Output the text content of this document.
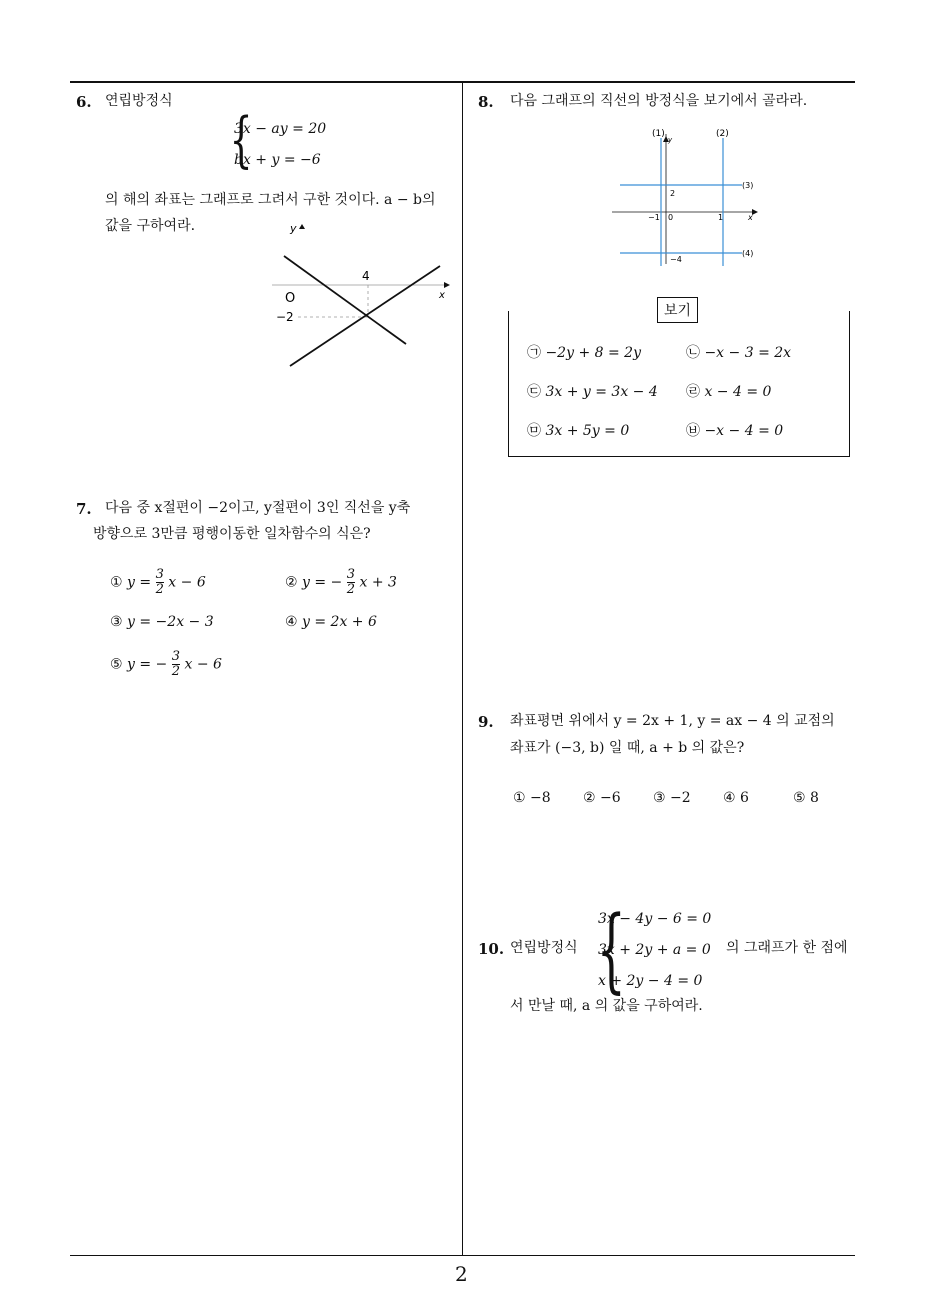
2
6. 연립방정식
{
3x − ay = 20
bx + y = −6
의 해의 좌표는 그래프로 그려서 구한 것이다. a − b의
값을 구하여라.	y
x
O
4
−2
7. 다음 중 x절편이 −2이고, y절편이 3인 직선을 y축
방향으로 3만큼 평행이동한 일차함수의 식은?
① $y = \frac{3}{2}$ x − 6	② y = − $\frac{3}{2}$ x + 3
③ y = −2x − 3	④ y = 2x + 6
⑤ y = − $\frac{3}{2}$ x − 6
8. 다음 그래프의 직선의 방정식을 보기에서 골라라.
(1)
y
(2)
(3)
(4)
2
−1 0	1	x
−4
보기
㉠ −2y + 8 = 2y	㉡ −x − 3 = 2x
㉢ 3x + y = 3x − 4 ㉣ x − 4 = 0
㉤ 3x + 5y = 0	㉥ −x − 4 = 0
9. 좌표평면 위에서 y = 2x + 1, y = ax − 4 의 교점의
좌표가 (−3, b) 일 때, a + b 의 값은?
① −8 ② −6 ③ −2 ④ 6	⑤ 8
10. 연립방정식 {
3x − 4y − 6 = 0
3x + 2y + a = 0
x + 2y − 4 = 0
의 그래프가 한 점에
서 만날 때, a 의 값을 구하여라.
